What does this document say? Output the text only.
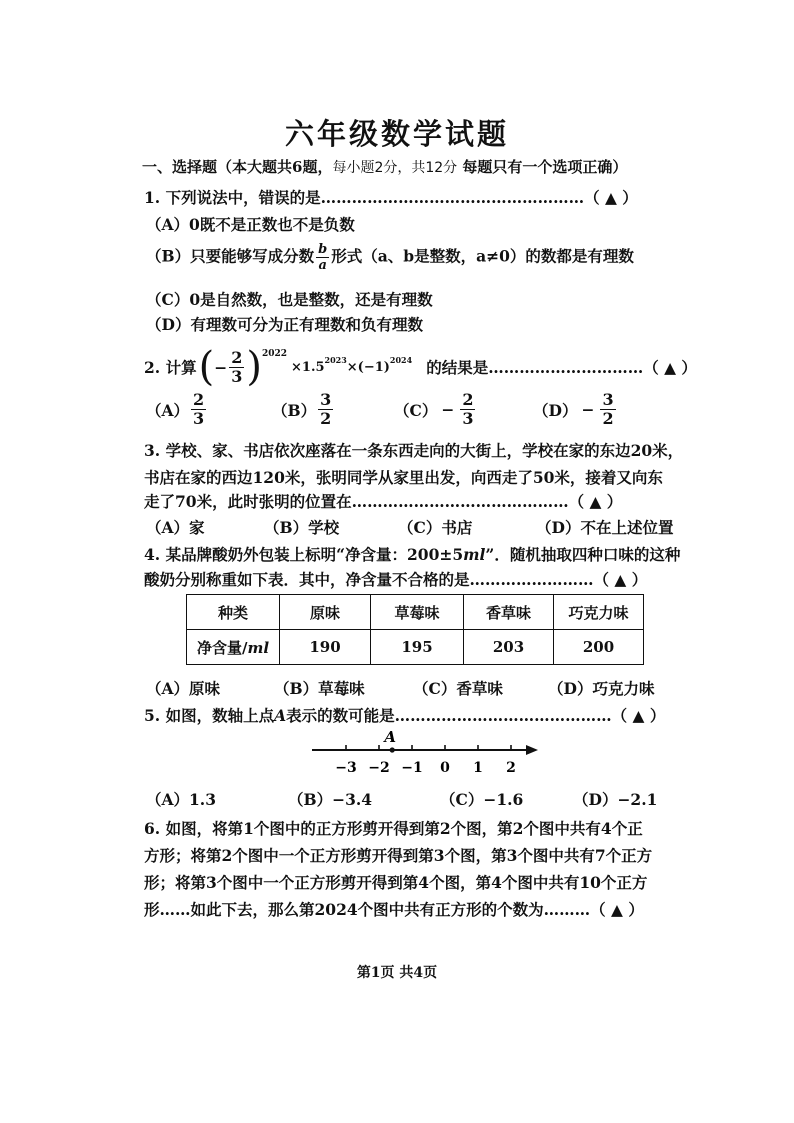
六年级数学试题
一、选择题（本大题共6题，每小题2分，共12分 每题只有一个选项正确）
1. 下列说法中，错误的是……………………………………………（ ▲ ）
（A）0既不是正数也不是负数
（B）只要能够写成分数 $\frac{b}{a}$ 形式（a、b是整数，a≠0）的数都是有理数
（C）0是自然数，也是整数，还是有理数
（D）有理数可分为正有理数和负有理数
2. 计算 ( − $\frac{2}{3} )^{2022}$
$\times 1.5^{2023} \times(-1)^{2024}$ 的结果是…………………………（ ▲ ）
$(A) \frac{2}{3}$	$(B) \frac{3}{2}$	$(C) - \frac{2}{3}$	$(D) - \frac{3}{2}$
3. 学校、家、书店依次座落在一条东西走向的大街上，学校在家的东边20米，
书店在家的西边120米，张明同学从家里出发，向西走了50米，接着又向东
走了70米，此时张明的位置在……………………………………（ ▲ ）
（A）家	（B）学校	（C）书店	（D）不在上述位置
4. 某品牌酸奶外包装上标明“净含量：200±5ml”．随机抽取四种口味的这种
酸奶分别称重如下表．其中，净含量不合格的是……………………（ ▲ ）
种类	原味	草莓味	香草味	巧克力味
净含量/ml	190	195	203	200
（A）原味	（B）草莓味	（C）香草味	（D）巧克力味
5. 如图，数轴上点A表示的数可能是……………………………………（ ▲ ）
−3 −2 −1 0 1 2
A
（A）1.3	（B）−3.4	（C）−1.6	（D）−2.1
6. 如图，将第1个图中的正方形剪开得到第2个图，第2个图中共有4个正
方形；将第2个图中一个正方形剪开得到第3个图，第3个图中共有7个正方
形；将第3个图中一个正方形剪开得到第4个图，第4个图中共有10个正方
形……如此下去，那么第2024个图中共有正方形的个数为………（ ▲ ）
第1页 共4页
